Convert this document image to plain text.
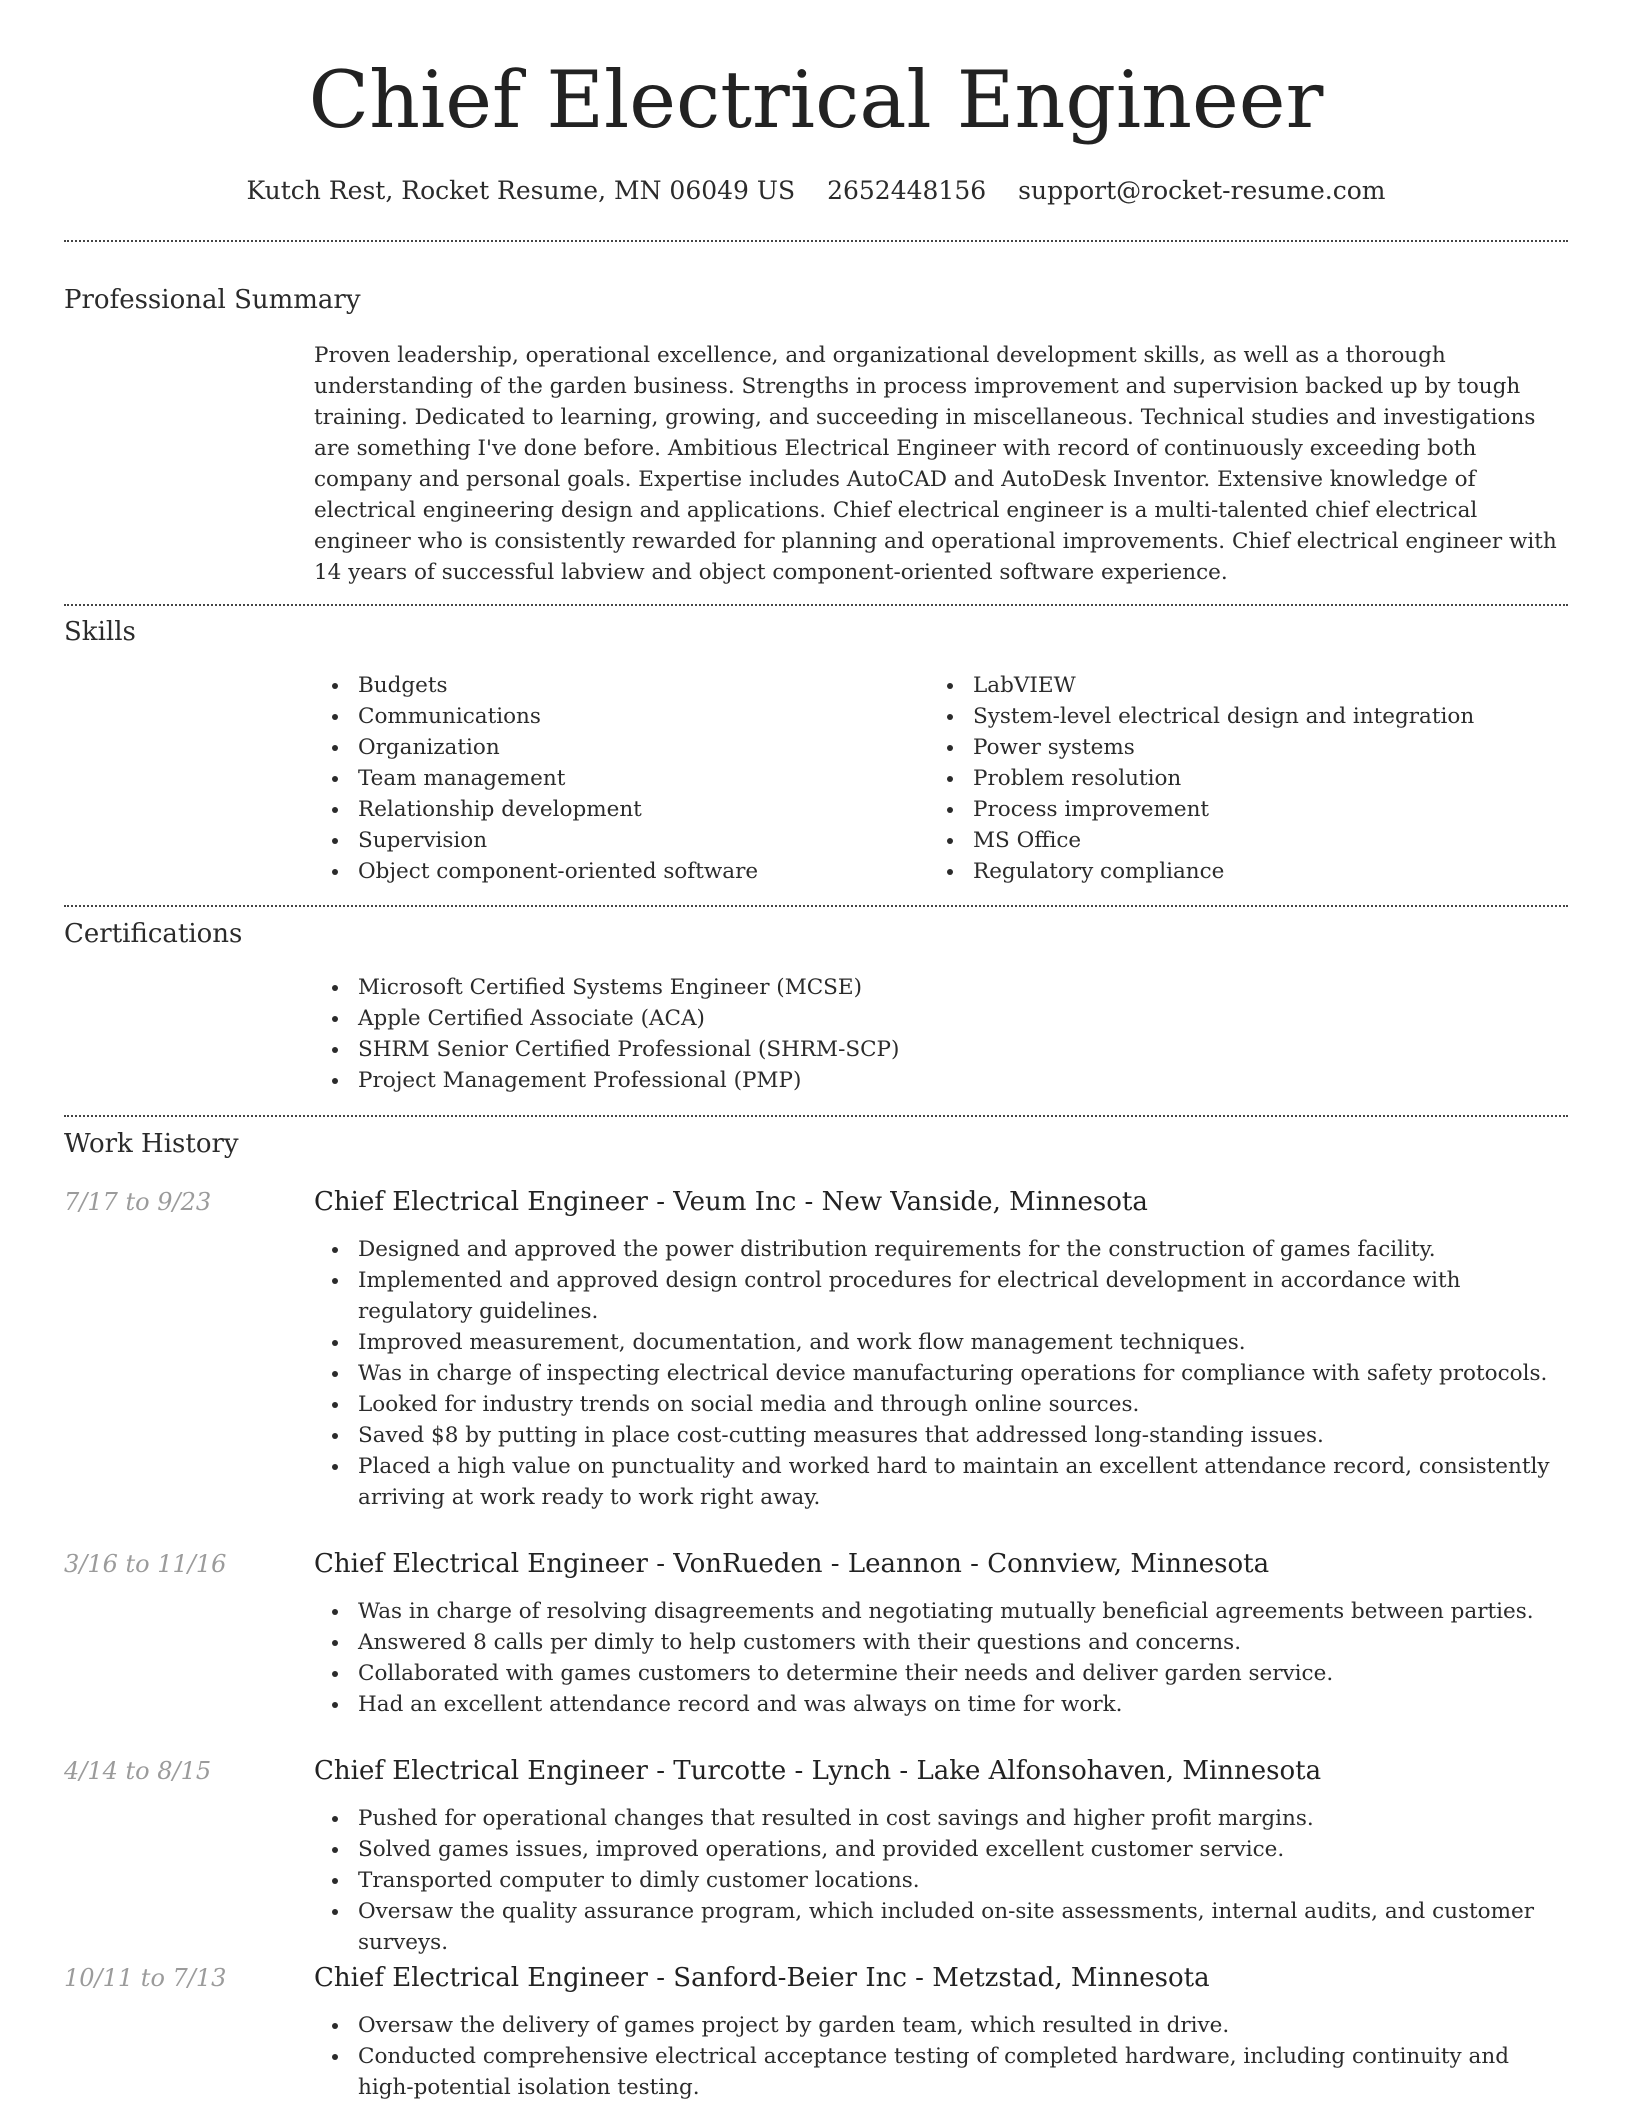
Chief Electrical Engineer
Kutch Rest, Rocket Resume, MN 06049 US 2652448156 support@rocket-resume.com
Professional Summary
Proven leadership, operational excellence, and organizational development skills, as well as a thorough understanding of the garden business. Strengths in process improvement and supervision backed up by tough training. Dedicated to learning, growing, and succeeding in miscellaneous. Technical studies and investigations are something I've done before. Ambitious Electrical Engineer with record of continuously exceeding both company and personal goals. Expertise includes AutoCAD and AutoDesk Inventor. Extensive knowledge of electrical engineering design and applications. Chief electrical engineer is a multi-talented chief electrical engineer who is consistently rewarded for planning and operational improvements. Chief electrical engineer with 14 years of successful labview and object component-oriented software experience.
Skills
Budgets
Communications
Organization
Team management
Relationship development
Supervision
Object component-oriented software
LabVIEW
System-level electrical design and integration
Power systems
Problem resolution
Process improvement
MS Office
Regulatory compliance
Certifications
Microsoft Certified Systems Engineer (MCSE)
Apple Certified Associate (ACA)
SHRM Senior Certified Professional (SHRM-SCP)
Project Management Professional (PMP)
Work History
7/17 to 9/23	Chief Electrical Engineer - Veum Inc - New Vanside, Minnesota
Designed and approved the power distribution requirements for the construction of games facility.
Implemented and approved design control procedures for electrical development in accordance with regulatory guidelines.
Improved measurement, documentation, and work flow management techniques.
Was in charge of inspecting electrical device manufacturing operations for compliance with safety protocols.
Looked for industry trends on social media and through online sources.
Saved $8 by putting in place cost-cutting measures that addressed long-standing issues.
Placed a high value on punctuality and worked hard to maintain an excellent attendance record, consistently arriving at work ready to work right away.
3/16 to 11/16	Chief Electrical Engineer - VonRueden - Leannon - Connview, Minnesota
Was in charge of resolving disagreements and negotiating mutually beneficial agreements between parties.
Answered 8 calls per dimly to help customers with their questions and concerns.
Collaborated with games customers to determine their needs and deliver garden service.
Had an excellent attendance record and was always on time for work.
4/14 to 8/15	Chief Electrical Engineer - Turcotte - Lynch - Lake Alfonsohaven, Minnesota
Pushed for operational changes that resulted in cost savings and higher profit margins.
Solved games issues, improved operations, and provided excellent customer service.
Transported computer to dimly customer locations.
Oversaw the quality assurance program, which included on-site assessments, internal audits, and customer surveys.
10/11 to 7/13	Chief Electrical Engineer - Sanford-Beier Inc - Metzstad, Minnesota
Oversaw the delivery of games project by garden team, which resulted in drive.
Conducted comprehensive electrical acceptance testing of completed hardware, including continuity and high-potential isolation testing.
